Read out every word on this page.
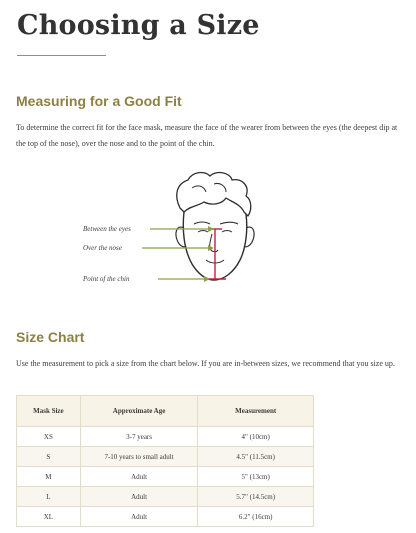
Choosing a Size
Measuring for a Good Fit

To determine the correct fit for the face mask, measure the face of the wearer from between the eyes (the deepest dip at the top of the nose), over the nose and to the point of the chin.

Between the eyes
Over the nose
Point of the chin
Size Chart

Use the measurement to pick a size from the chart below. If you are in-between sizes, we recommend that you size up.

Mask Size	Approximate Age	Measurement
XS	3-7 years	4" (10cm)
S	7-10 years to small adult	4.5" (11.5cm)
M	Adult	5" (13cm)
L	Adult	5.7" (14.5cm)
XL	Adult	6.2" (16cm)
